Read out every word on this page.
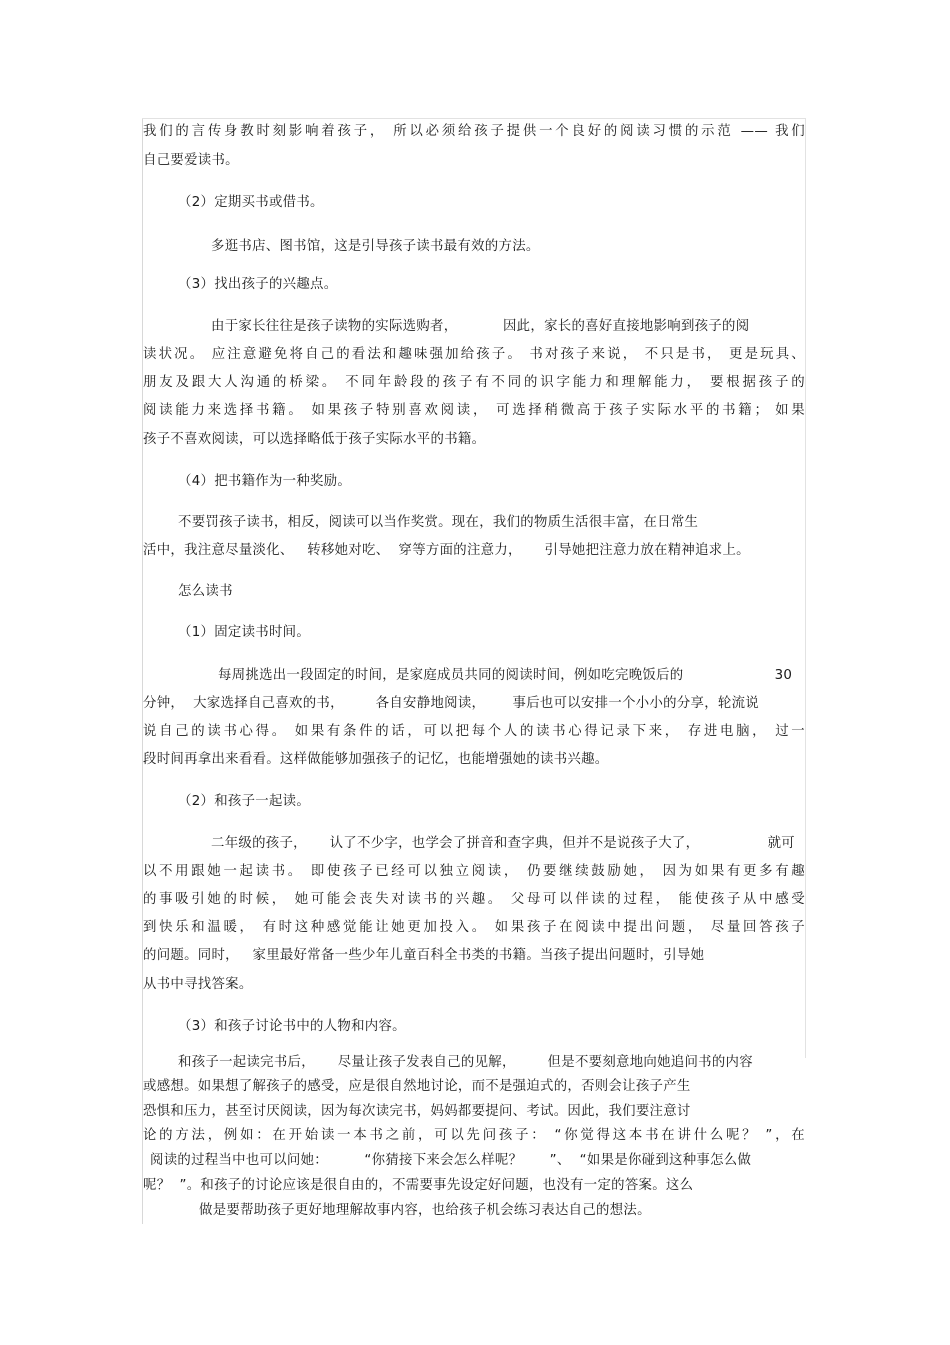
我们的言传身教时刻影响着孩子， 所以必须给孩子提供一个良好的阅读习惯的示范 —— 我们
自己要爱读书。
（2）定期买书或借书。
多逛书店、图书馆，这是引导孩子读书最有效的方法。
（3）找出孩子的兴趣点。
由于家长往往是孩子读物的实际选购者，          因此，家长的喜好直接地影响到孩子的阅
读状况。 应注意避免将自己的看法和趣味强加给孩子。 书对孩子来说， 不只是书， 更是玩具、
朋友及跟大人沟通的桥梁。 不同年龄段的孩子有不同的识字能力和理解能力， 要根据孩子的
阅读能力来选择书籍。 如果孩子特别喜欢阅读， 可选择稍微高于孩子实际水平的书籍； 如果
孩子不喜欢阅读，可以选择略低于孩子实际水平的书籍。
（4）把书籍作为一种奖励。
不要罚孩子读书，相反，阅读可以当作奖赏。现在，我们的物质生活很丰富，在日常生
活中，我注意尽量淡化、   转移她对吃、  穿等方面的注意力，     引导她把注意力放在精神追求上。
怎么读书
（1）固定读书时间。
每周挑选出一段固定的时间，是家庭成员共同的阅读时间，例如吃完晚饭后的                    30
分钟，  大家选择自己喜欢的书，       各自安静地阅读，      事后也可以安排一个小小的分享，轮流说
说自己的读书心得。 如果有条件的话，可以把每个人的读书心得记录下来， 存进电脑， 过一
段时间再拿出来看看。这样做能够加强孩子的记忆，也能增强她的读书兴趣。
（2）和孩子一起读。
二年级的孩子，     认了不少字，也学会了拼音和查字典，但并不是说孩子大了，               就可
以不用跟她一起读书。 即使孩子已经可以独立阅读， 仍要继续鼓励她， 因为如果有更多有趣
的事吸引她的时候， 她可能会丧失对读书的兴趣。 父母可以伴读的过程， 能使孩子从中感受
到快乐和温暖， 有时这种感觉能让她更加投入。 如果孩子在阅读中提出问题， 尽量回答孩子
的问题。同时，   家里最好常备一些少年儿童百科全书类的书籍。当孩子提出问题时，引导她
从书中寻找答案。
（3）和孩子讨论书中的人物和内容。
和孩子一起读完书后，     尽量让孩子发表自己的见解，       但是不要刻意地向她追问书的内容
或感想。如果想了解孩子的感受，应是很自然地讨论，而不是强迫式的，否则会让孩子产生
恐惧和压力，甚至讨厌阅读，因为每次读完书，妈妈都要提问、考试。因此，我们要注意讨
论的方法，例如：在开始读一本书之前，可以先问孩子： “你觉得这本书在讲什么呢？ ”，在
阅读的过程当中也可以问她：        “你猜接下来会怎么样呢？      ”、  “如果是你碰到这种事怎么做
呢？  ”。和孩子的讨论应该是很自由的，不需要事先设定好问题，也没有一定的答案。这么
做是要帮助孩子更好地理解故事内容，也给孩子机会练习表达自己的想法。
